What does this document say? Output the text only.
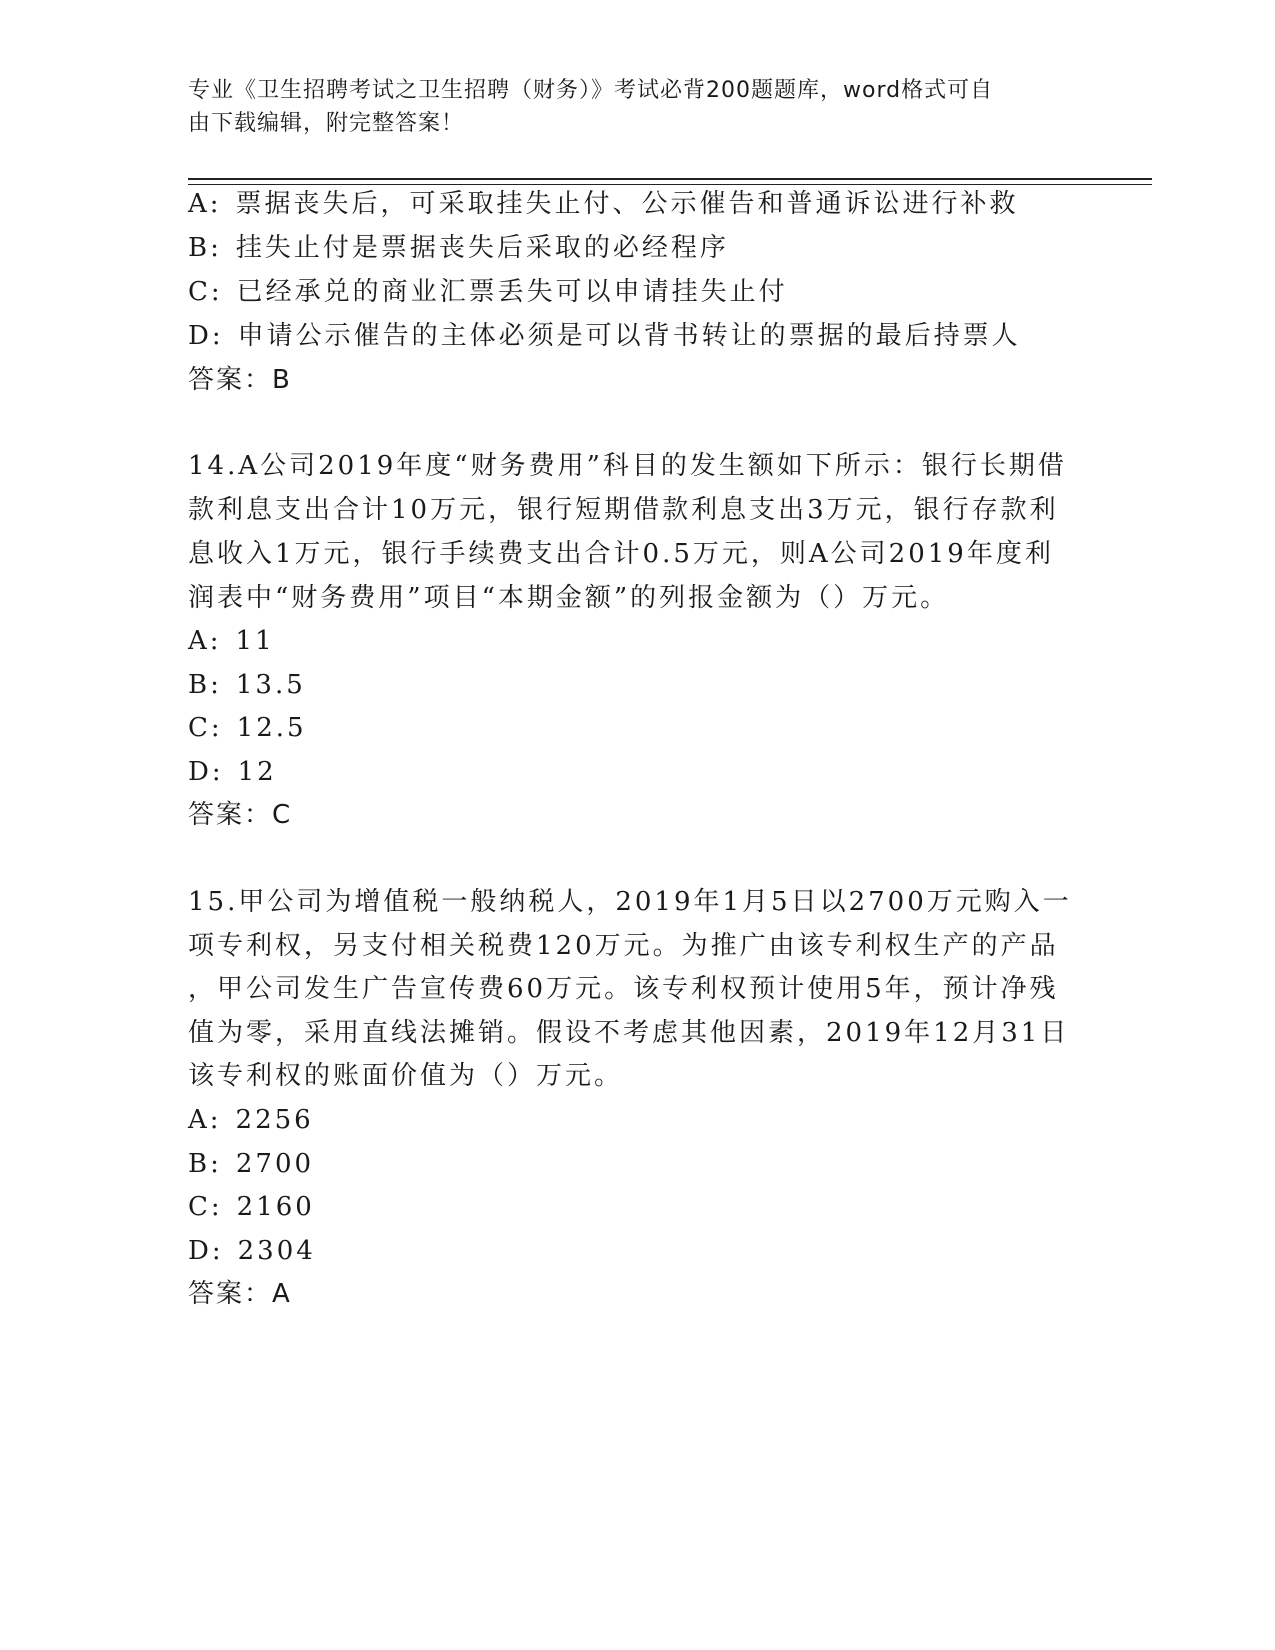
专业《卫生招聘考试之卫生招聘（财务）》考试必背200题题库，word格式可自
由下载编辑，附完整答案！
A: 票据丧失后，可采取挂失止付、公示催告和普通诉讼进行补救
B: 挂失止付是票据丧失后采取的必经程序
C: 已经承兑的商业汇票丢失可以申请挂失止付
D: 申请公示催告的主体必须是可以背书转让的票据的最后持票人
答案：B
14.A公司2019年度“财务费用”科目的发生额如下所示：银行长期借
款利息支出合计10万元，银行短期借款利息支出3万元，银行存款利
息收入1万元，银行手续费支出合计0.5万元，则A公司2019年度利
润表中“财务费用”项目“本期金额”的列报金额为（）万元。
A: 11
B: 13.5
C: 12.5
D: 12
答案：C
15.甲公司为增值税一般纳税人，2019年1月5日以2700万元购入一
项专利权，另支付相关税费120万元。为推广由该专利权生产的产品
，甲公司发生广告宣传费60万元。该专利权预计使用5年，预计净残
值为零，采用直线法摊销。假设不考虑其他因素，2019年12月31日
该专利权的账面价值为（）万元。
A: 2256
B: 2700
C: 2160
D: 2304
答案：A
